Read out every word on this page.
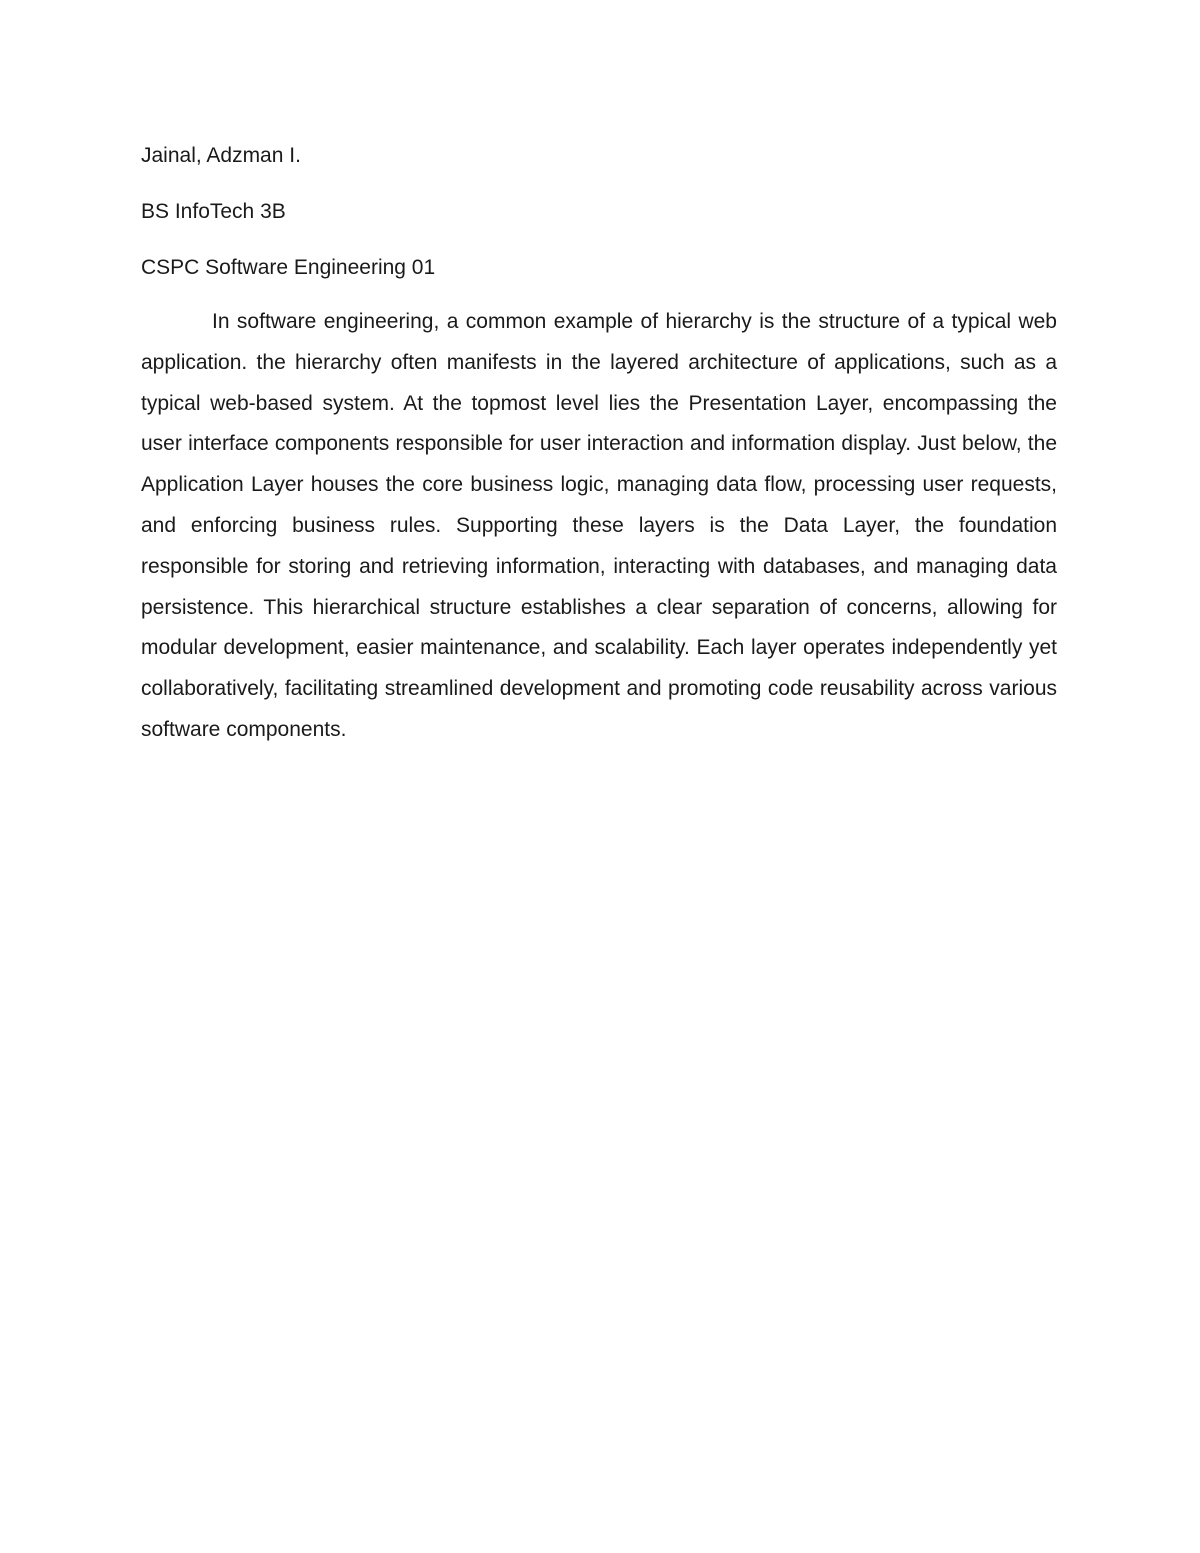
Jainal, Adzman I.

BS InfoTech 3B

CSPC Software Engineering 01

In software engineering, a common example of hierarchy is the structure of a typical web application. the hierarchy often manifests in the layered architecture of applications, such as a typical web-based system. At the topmost level lies the Presentation Layer, encompassing the user interface components responsible for user interaction and information display. Just below, the Application Layer houses the core business logic, managing data flow, processing user requests, and enforcing business rules. Supporting these layers is the Data Layer, the foundation responsible for storing and retrieving information, interacting with databases, and managing data persistence. This hierarchical structure establishes a clear separation of concerns, allowing for modular development, easier maintenance, and scalability. Each layer operates independently yet collaboratively, facilitating streamlined development and promoting code reusability across various software components.
